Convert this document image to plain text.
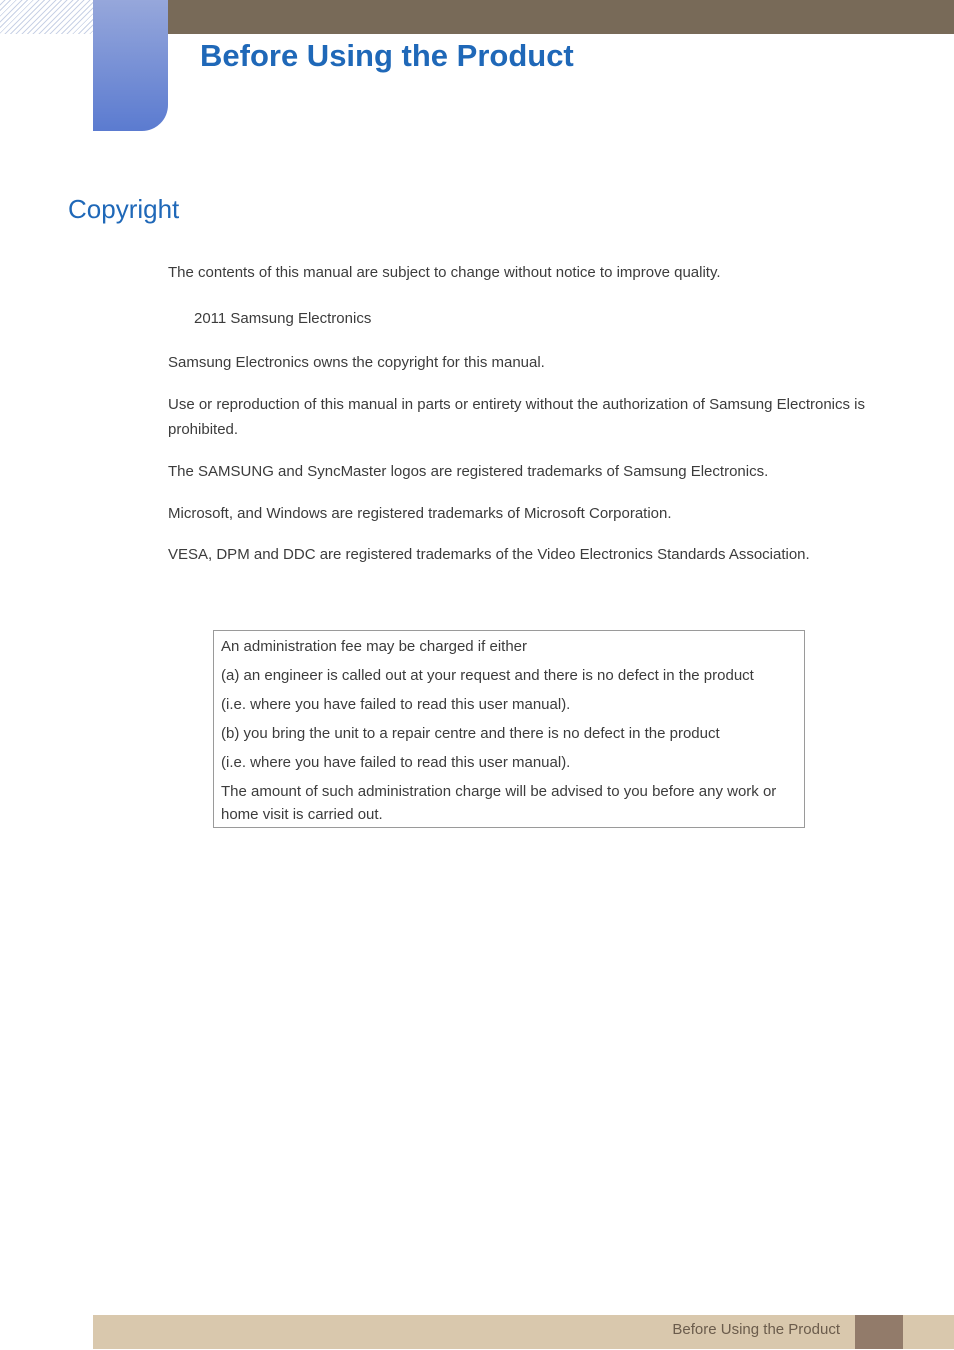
Before Using the Product
Copyright

The contents of this manual are subject to change without notice to improve quality.

2011 Samsung Electronics

Samsung Electronics owns the copyright for this manual.

Use or reproduction of this manual in parts or entirety without the authorization of Samsung Electronics is prohibited.

The SAMSUNG and SyncMaster logos are registered trademarks of Samsung Electronics.

Microsoft, and Windows are registered trademarks of Microsoft Corporation.

VESA, DPM and DDC are registered trademarks of the Video Electronics Standards Association.

An administration fee may be charged if either

(a) an engineer is called out at your request and there is no defect in the product

(i.e. where you have failed to read this user manual).

(b) you bring the unit to a repair centre and there is no defect in the product

(i.e. where you have failed to read this user manual).

The amount of such administration charge will be advised to you before any work or home visit is carried out.

Before Using the Product
